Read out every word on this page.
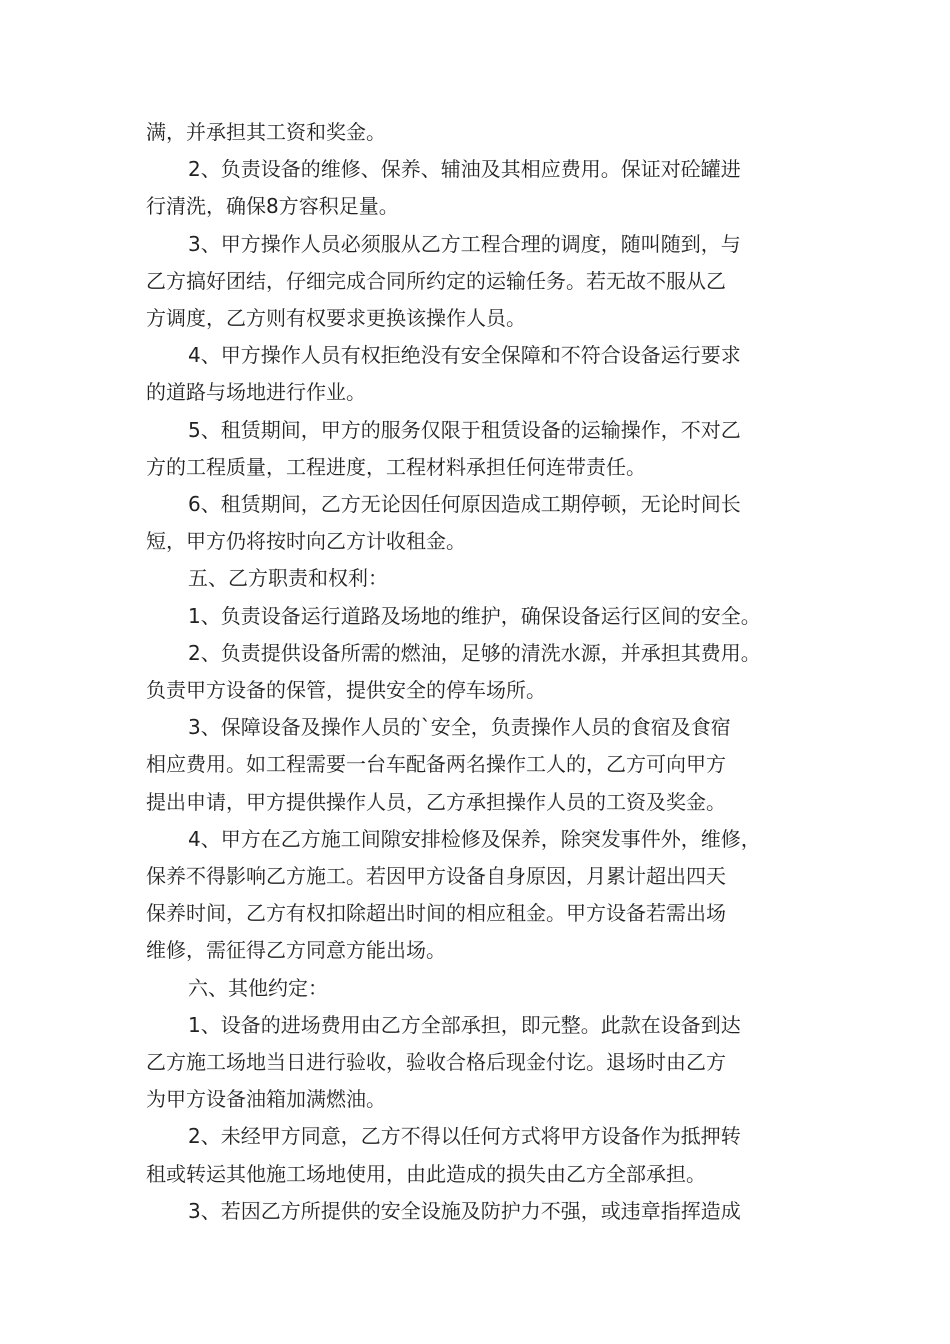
满，并承担其工资和奖金。

2、负责设备的维修、保养、辅油及其相应费用。保证对砼罐进

行清洗，确保8方容积足量。

3、甲方操作人员必须服从乙方工程合理的调度，随叫随到，与

乙方搞好团结，仔细完成合同所约定的运输任务。若无故不服从乙

方调度，乙方则有权要求更换该操作人员。

4、甲方操作人员有权拒绝没有安全保障和不符合设备运行要求

的道路与场地进行作业。

5、租赁期间，甲方的服务仅限于租赁设备的运输操作，不对乙

方的工程质量，工程进度，工程材料承担任何连带责任。

6、租赁期间，乙方无论因任何原因造成工期停顿，无论时间长

短，甲方仍将按时向乙方计收租金。

五、乙方职责和权利：

1、负责设备运行道路及场地的维护，确保设备运行区间的安全。

2、负责提供设备所需的燃油，足够的清洗水源，并承担其费用。

负责甲方设备的保管，提供安全的停车场所。

3、保障设备及操作人员的`安全，负责操作人员的食宿及食宿

相应费用。如工程需要一台车配备两名操作工人的，乙方可向甲方

提出申请，甲方提供操作人员，乙方承担操作人员的工资及奖金。

4、甲方在乙方施工间隙安排检修及保养，除突发事件外，维修，

保养不得影响乙方施工。若因甲方设备自身原因，月累计超出四天

保养时间，乙方有权扣除超出时间的相应租金。甲方设备若需出场

维修，需征得乙方同意方能出场。

六、其他约定：

1、设备的进场费用由乙方全部承担，即元整。此款在设备到达

乙方施工场地当日进行验收，验收合格后现金付讫。退场时由乙方

为甲方设备油箱加满燃油。

2、未经甲方同意，乙方不得以任何方式将甲方设备作为抵押转

租或转运其他施工场地使用，由此造成的损失由乙方全部承担。

3、若因乙方所提供的安全设施及防护力不强，或违章指挥造成
